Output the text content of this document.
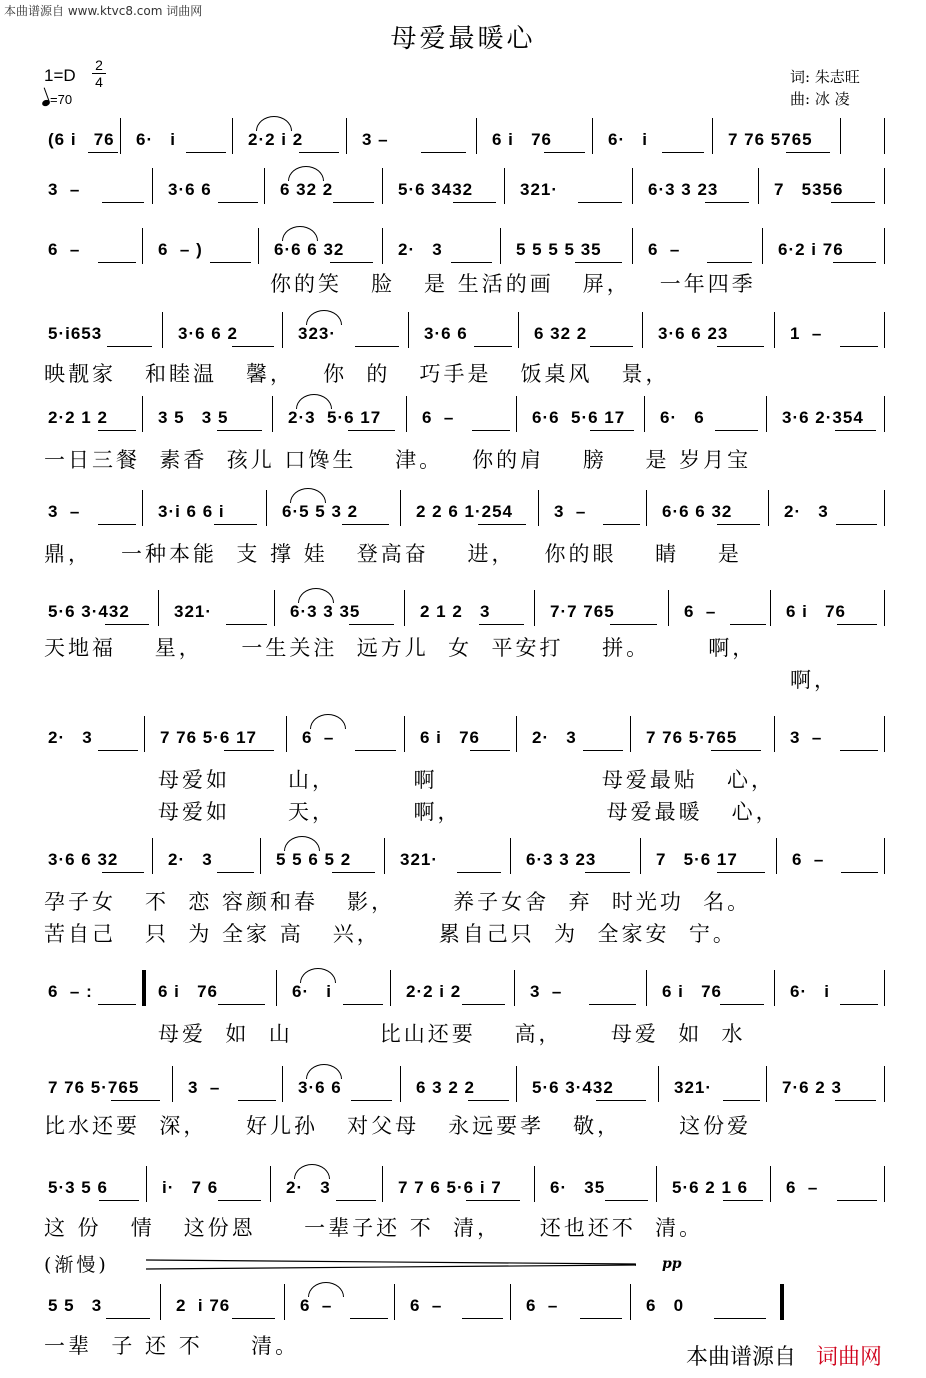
本曲谱源自 www.ktvc8.com 词曲网
母爱最暖心
1=D
2
4
=70
词: 朱志旺
曲: 冰 凌
(6 i   76 6·   i	2·2 i 2	3 –	6 i   76	6·   i	7 76 5765
3  –	3·6 6	6 32 2	5·6 3432	321·	6·3 3 23	7   5356
6  –	6  – )	6·6 6 32	2·   3	5 5 5 5 35	6  –	6·2 i 76
5·i653	3·6 6 2	323·	3·6 6	6 32 2	3·6 6 23	1  –
2·2 1 2	3 5   3 5	2·3  5·6 17 6  –	6·6  5·6 17 6·   6	3·6 2·354
3  –	3·i 6 6 i	6·5 5 3 2	2 2 6 1·254 3  –	6·6 6 32	2·   3
5·6 3·432	321·	6·3 3 35	2 1 2   3	7·7 765	6  –	6 i   76
2·   3	7 76 5·6 17	6  –	6 i   76	2·   3	7 76 5·765	3  –
3·6 6 32	2·   3	5 5 6 5 2	321·	6·3 3 23	7   5·6 17	6  –
6  – :	6 i   76	6·   i	2·2 i 2	3  –	6 i   76	6·   i
7 76 5·765	3  –	3·6 6	6 3 2 2	5·6 3·432	321·	7·6 2 3
5·3 5 6	i·   7 6	2·   3	7 7 6 5·6 i 7	6·   35	5·6 2 1 6 6  –
5 5   3	2  i 76	6  –	6  –	6  –	6   0
你的笑   脸   是 生活的画   屏，   一年四季
映靓家   和睦温   馨，   你  的   巧手是   饭桌风   景，
一日三餐  素香  孩儿 口馋生    津。   你的肩    膀    是 岁月宝
鼎，   一种本能  支 撑 娃   登高奋    进，   你的眼    睛    是
天地福    星，    一生关注  远方儿  女  平安打    拼。      啊，
啊，
母爱如      山，        啊                 母爱最贴   心，
母爱如      天，        啊，               母爱最暖   心，
孕子女   不  恋 容颜和春   影，      养子女舍  弃  时光功  名。
苦自己   只  为 全家 高   兴，      累自己只  为  全家安  宁。
母爱  如  山         比山还要    高，     母爱  如  水
比水还要  深，    好儿孙   对父母   永远要孝   敬，      这份爱
这 份   情   这份恩     一辈子还 不  清，    还也还不  清。
(渐慢)
一辈  子 还 不     清。
pp
本曲谱源自 词曲网
